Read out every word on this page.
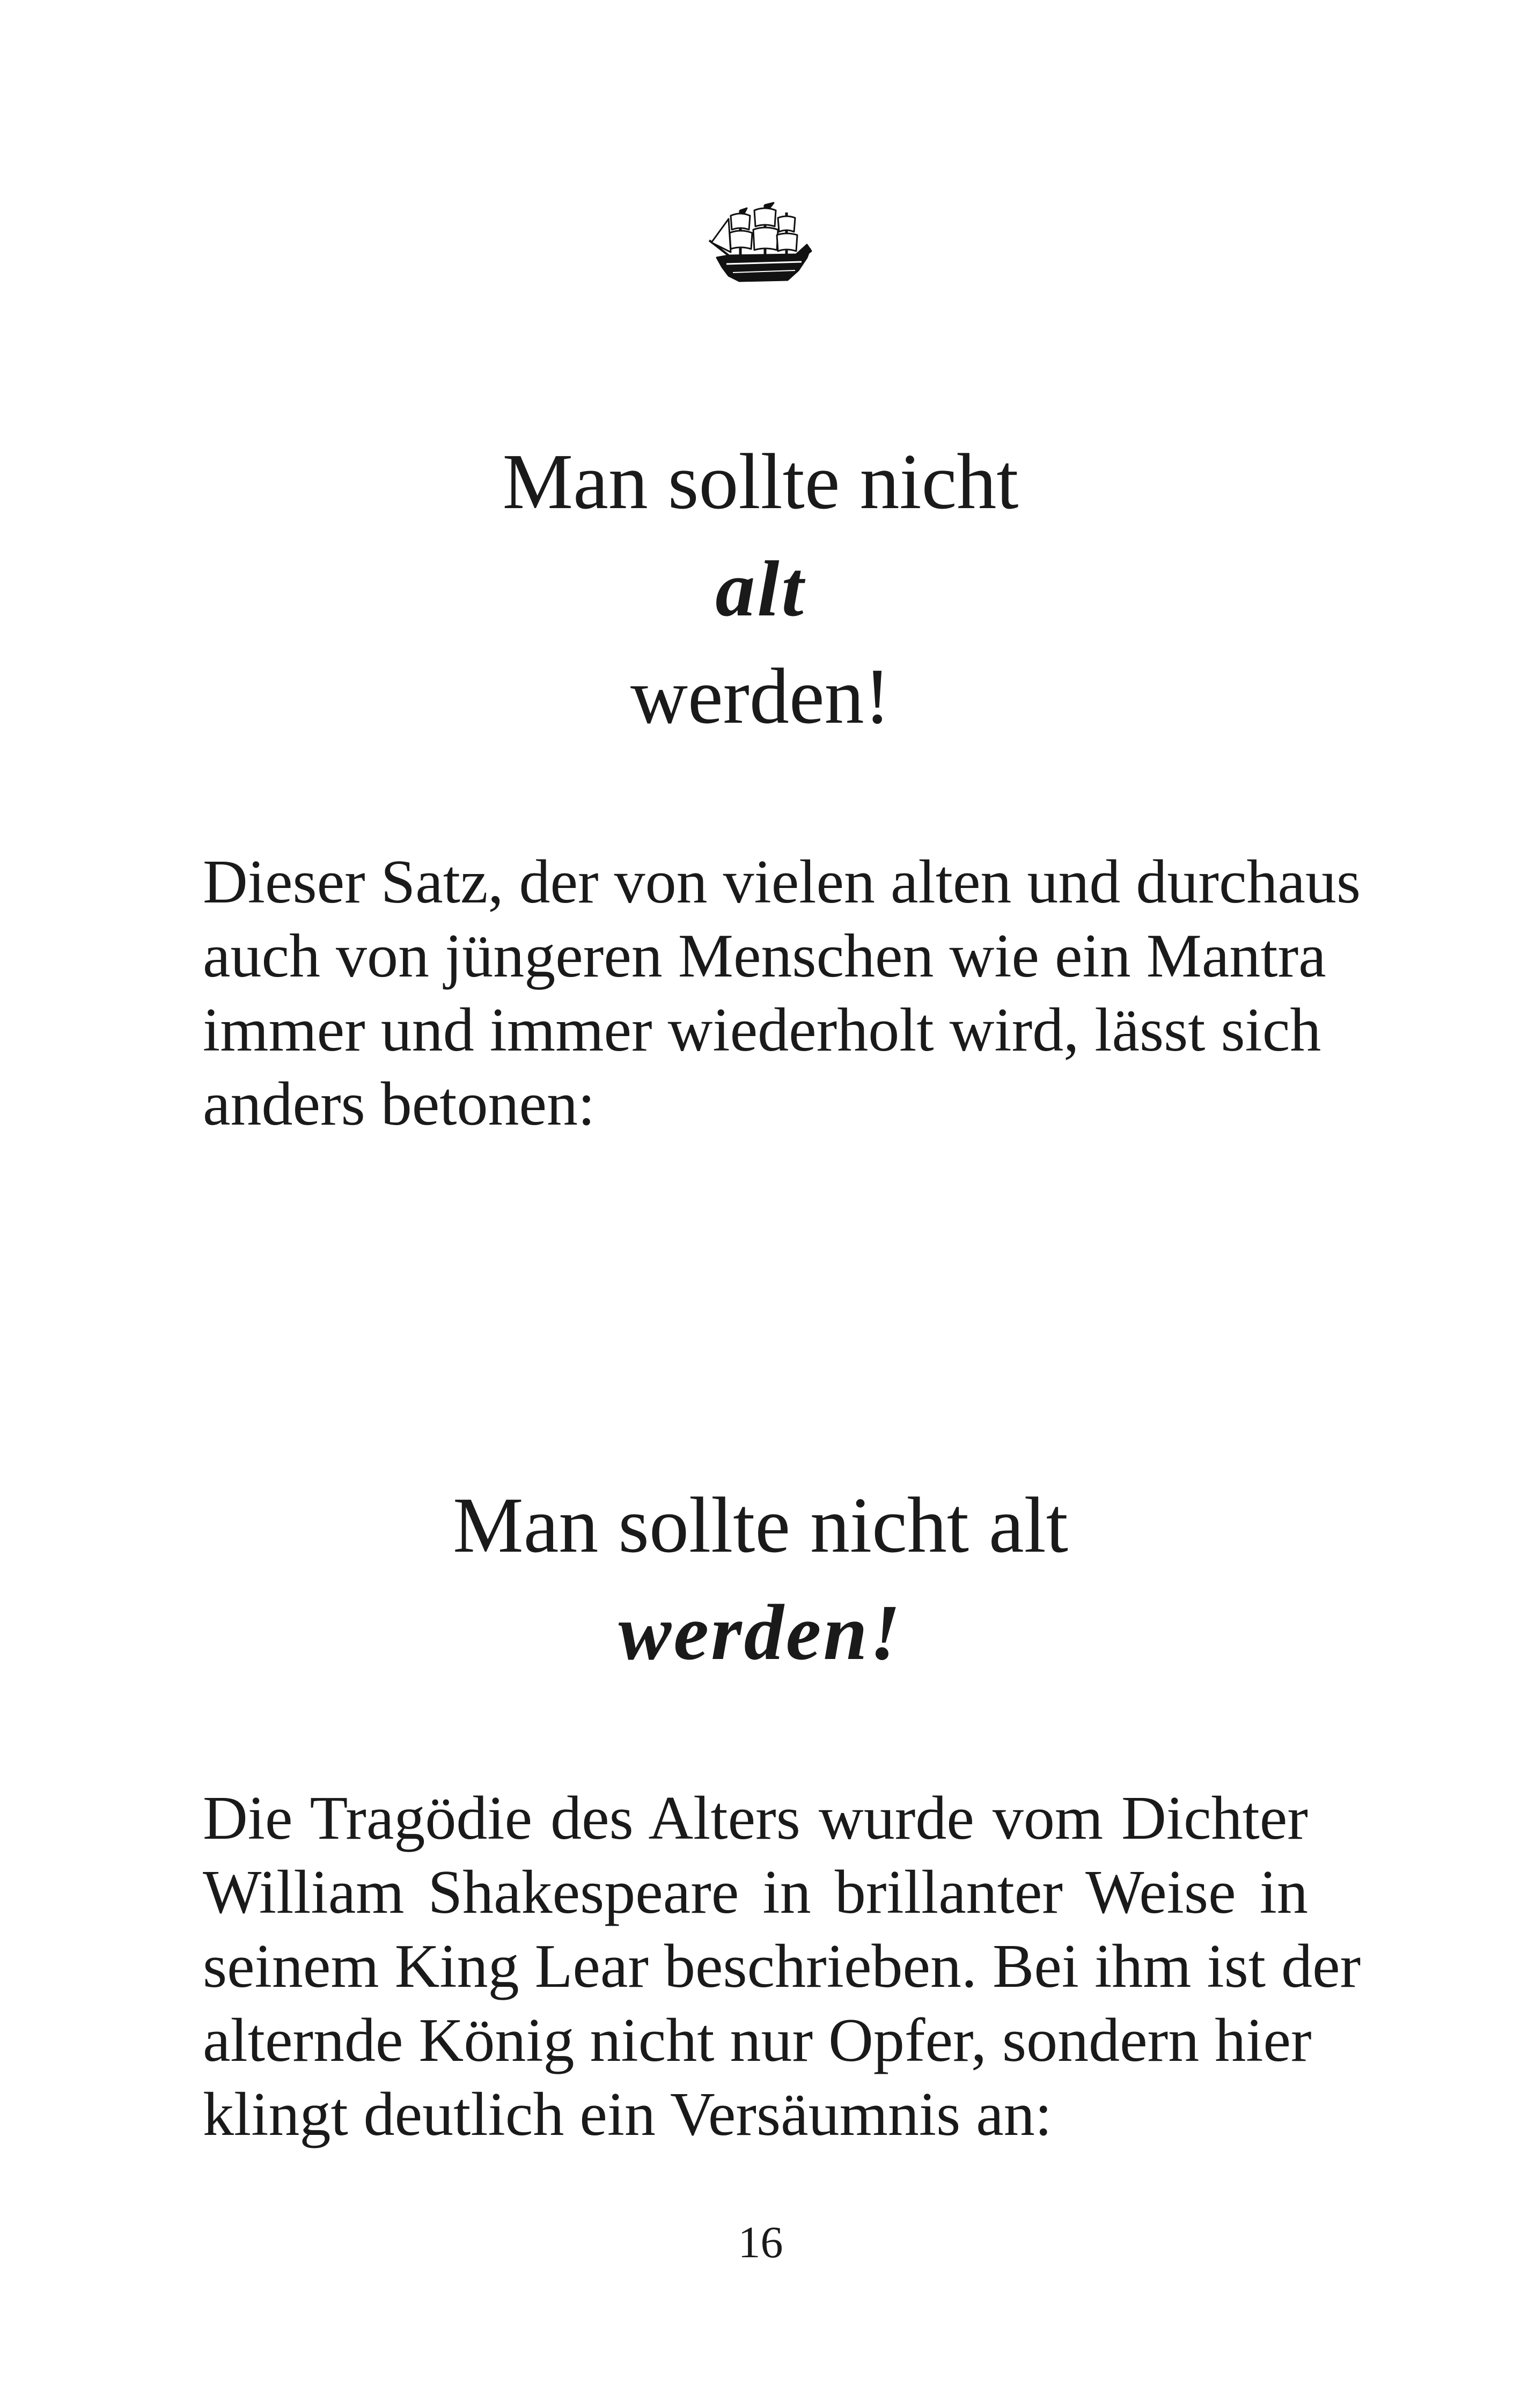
Man sollte nicht
alt
werden!
Dieser Satz, der von vielen alten und durchaus
auch von jüngeren Menschen wie ein Mantra
immer und immer wiederholt wird, lässt sich
anders betonen:
Man sollte nicht alt
werden!
Die Tragödie des Alters wurde vom Dichter
William Shakespeare in brillanter Weise in
seinem King Lear beschrieben. Bei ihm ist der
alternde König nicht nur Opfer, sondern hier
klingt deutlich ein Versäumnis an:
16
